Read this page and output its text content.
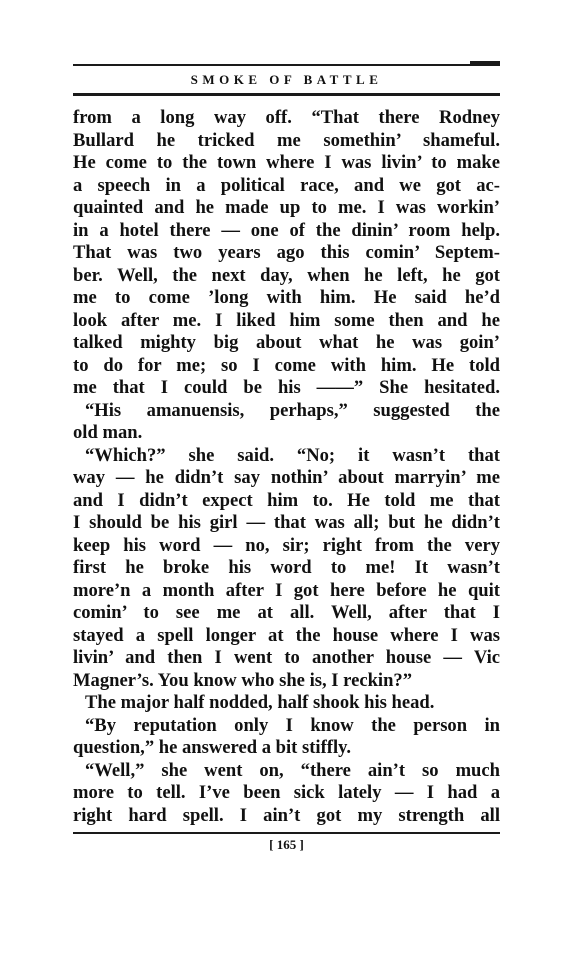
SMOKE OF BATTLE
from a long way off. “That there Rodney
Bullard he tricked me somethin’ shameful.
He come to the town where I was livin’ to make
a speech in a political race, and we got ac-
quainted and he made up to me. I was workin’
in a hotel there — one of the dinin’ room help.
That was two years ago this comin’ Septem-
ber. Well, the next day, when he left, he got
me to come ’long with him. He said he’d
look after me. I liked him some then and he
talked mighty big about what he was goin’
to do for me; so I come with him. He told
me that I could be his ——” She hesitated.
“His amanuensis, perhaps,” suggested the
old man.
“Which?” she said. “No; it wasn’t that
way — he didn’t say nothin’ about marryin’ me
and I didn’t expect him to. He told me that
I should be his girl — that was all; but he didn’t
keep his word — no, sir; right from the very
first he broke his word to me! It wasn’t
more’n a month after I got here before he quit
comin’ to see me at all. Well, after that I
stayed a spell longer at the house where I was
livin’ and then I went to another house — Vic
Magner’s. You know who she is, I reckin?”
The major half nodded, half shook his head.
“By reputation only I know the person in
question,” he answered a bit stiffly.
“Well,” she went on, “there ain’t so much
more to tell. I’ve been sick lately — I had a
right hard spell. I ain’t got my strength all
[ 165 ]
